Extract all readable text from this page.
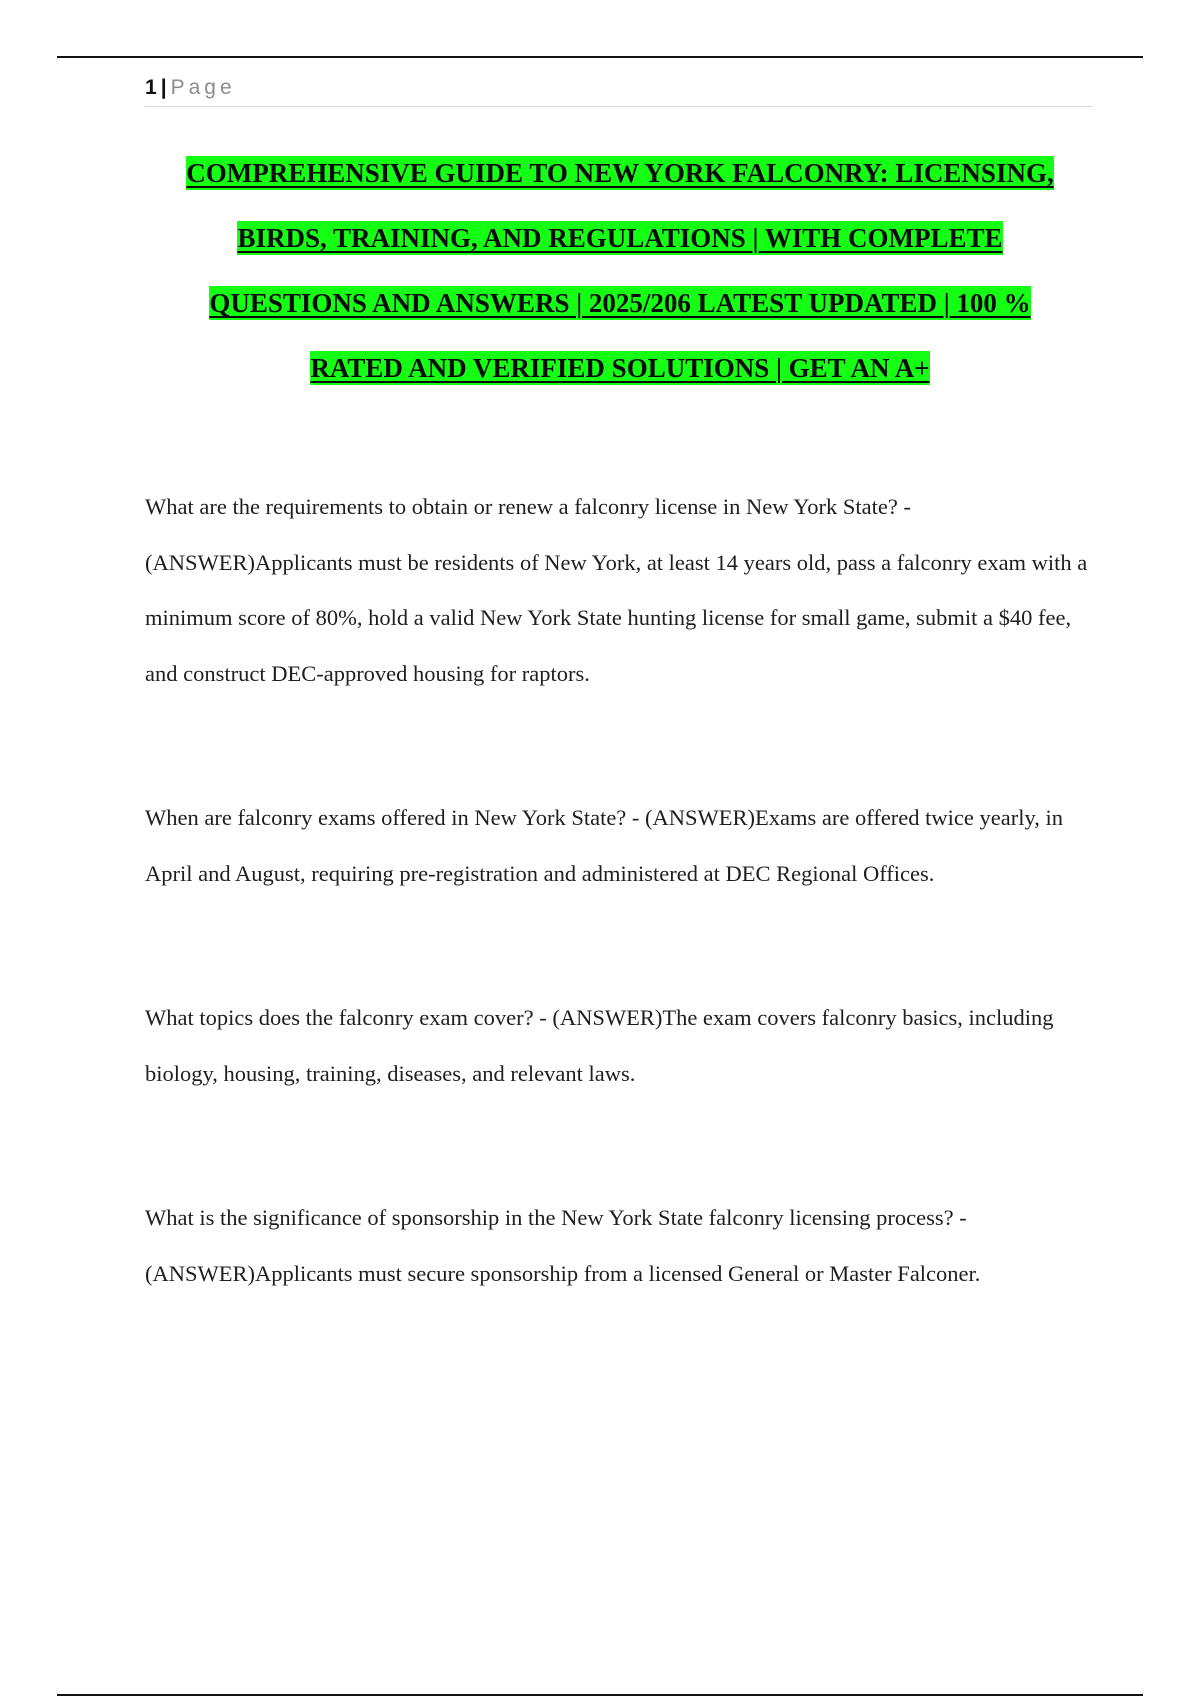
1 | Page
COMPREHENSIVE GUIDE TO NEW YORK FALCONRY: LICENSING,
BIRDS, TRAINING, AND REGULATIONS | WITH COMPLETE
QUESTIONS AND ANSWERS | 2025/206 LATEST UPDATED | 100 %
RATED AND VERIFIED SOLUTIONS | GET AN A+

What are the requirements to obtain or renew a falconry license in New York State? - (ANSWER)Applicants must be residents of New York, at least 14 years old, pass a falconry exam with a minimum score of 80%, hold a valid New York State hunting license for small game, submit a $40 fee, and construct DEC-approved housing for raptors.

When are falconry exams offered in New York State? - (ANSWER)Exams are offered twice yearly, in April and August, requiring pre-registration and administered at DEC Regional Offices.

What topics does the falconry exam cover? - (ANSWER)The exam covers falconry basics, including biology, housing, training, diseases, and relevant laws.

What is the significance of sponsorship in the New York State falconry licensing process? - (ANSWER)Applicants must secure sponsorship from a licensed General or Master Falconer.
